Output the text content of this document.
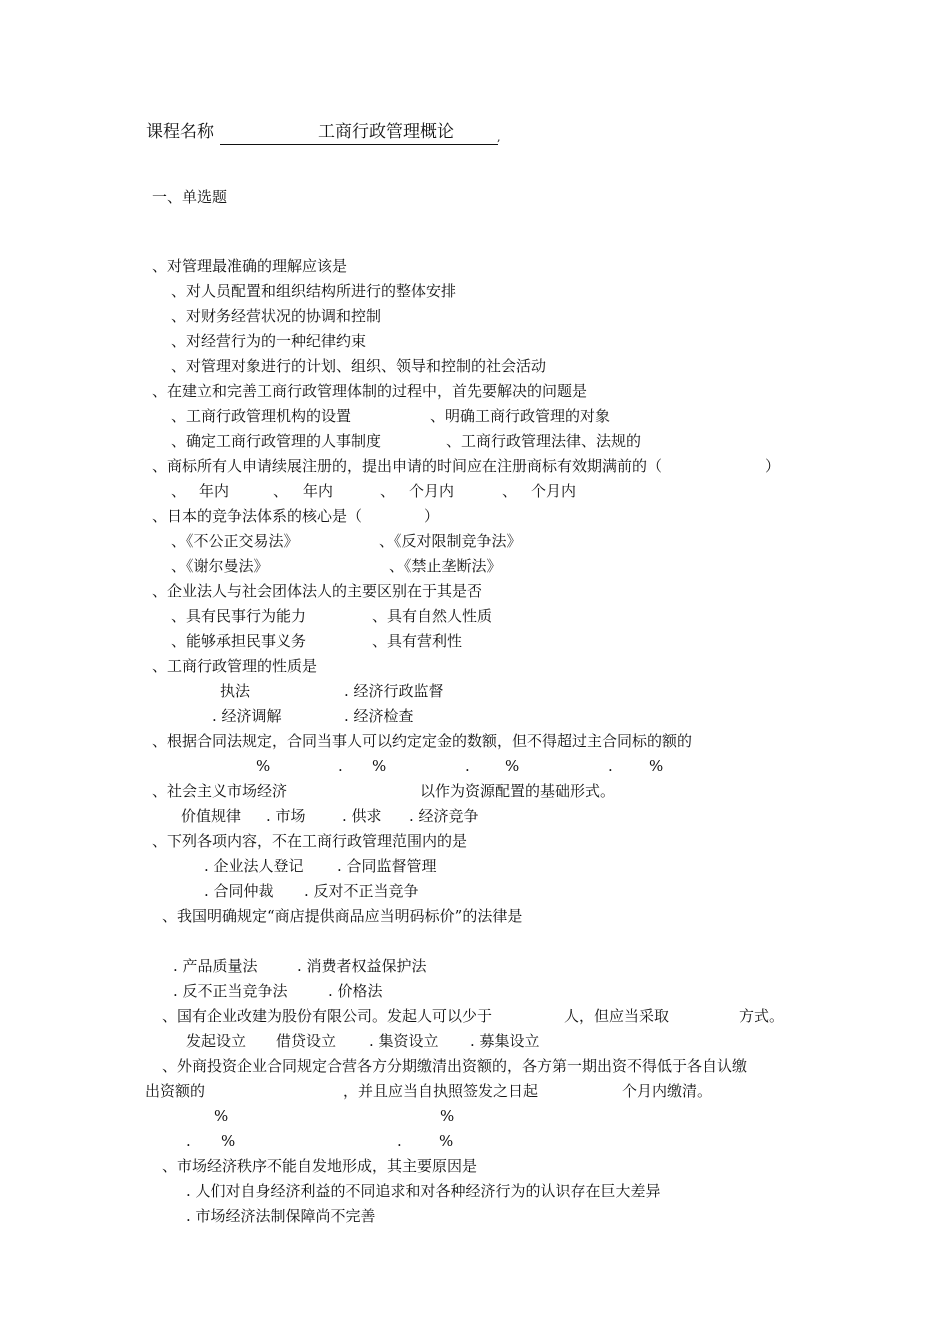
课程名称	工商行政管理概论	,
一、单选题
、对管理最准确的理解应该是
、对人员配置和组织结构所进行的整体安排
、对财务经营状况的协调和控制
、对经营行为的一种纪律约束
、对管理对象进行的计划、组织、领导和控制的社会活动
、在建立和完善工商行政管理体制的过程中，首先要解决的问题是
、工商行政管理机构的设置	、明确工商行政管理的对象
、确定工商行政管理的人事制度	、工商行政管理法律、法规的
、商标所有人申请续展注册的，提出申请的时间应在注册商标有效期满前的（	）
、 年内	、 年内	、 个月内	、 个月内
、日本的竞争法体系的核心是（	）
、《不公正交易法》	、《反对限制竞争法》
、《谢尔曼法》	、《禁止垄断法》
、企业法人与社会团体法人的主要区别在于其是否
、具有民事行为能力	、具有自然人性质
、能够承担民事义务	、具有营利性
、工商行政管理的性质是
执法	. 经济行政监督
. 经济调解	. 经济检查
、根据合同法规定，合同当事人可以约定定金的数额，但不得超过主合同标的额的
%	. %	. %	. %
、社会主义市场经济	以作为资源配置的基础形式。
价值规律 . 市场 . 供求 . 经济竞争
、下列各项内容，不在工商行政管理范围内的是
. 企业法人登记 . 合同监督管理
. 合同仲裁 . 反对不正当竞争
、我国明确规定“商店提供商品应当明码标价”的法律是
. 产品质量法	. 消费者权益保护法
. 反不正当竞争法	. 价格法
、国有企业改建为股份有限公司。发起人可以少于	人，但应当采取	方式。
发起设立 借贷设立 . 集资设立 . 募集设立
、外商投资企业合同规定合营各方分期缴清出资额的，各方第一期出资不得低于各自认缴
出资额的	，并且应当自执照签发之日起	个月内缴清。
%	%
. %	. %
、市场经济秩序不能自发地形成，其主要原因是
. 人们对自身经济利益的不同追求和对各种经济行为的认识存在巨大差异
. 市场经济法制保障尚不完善
